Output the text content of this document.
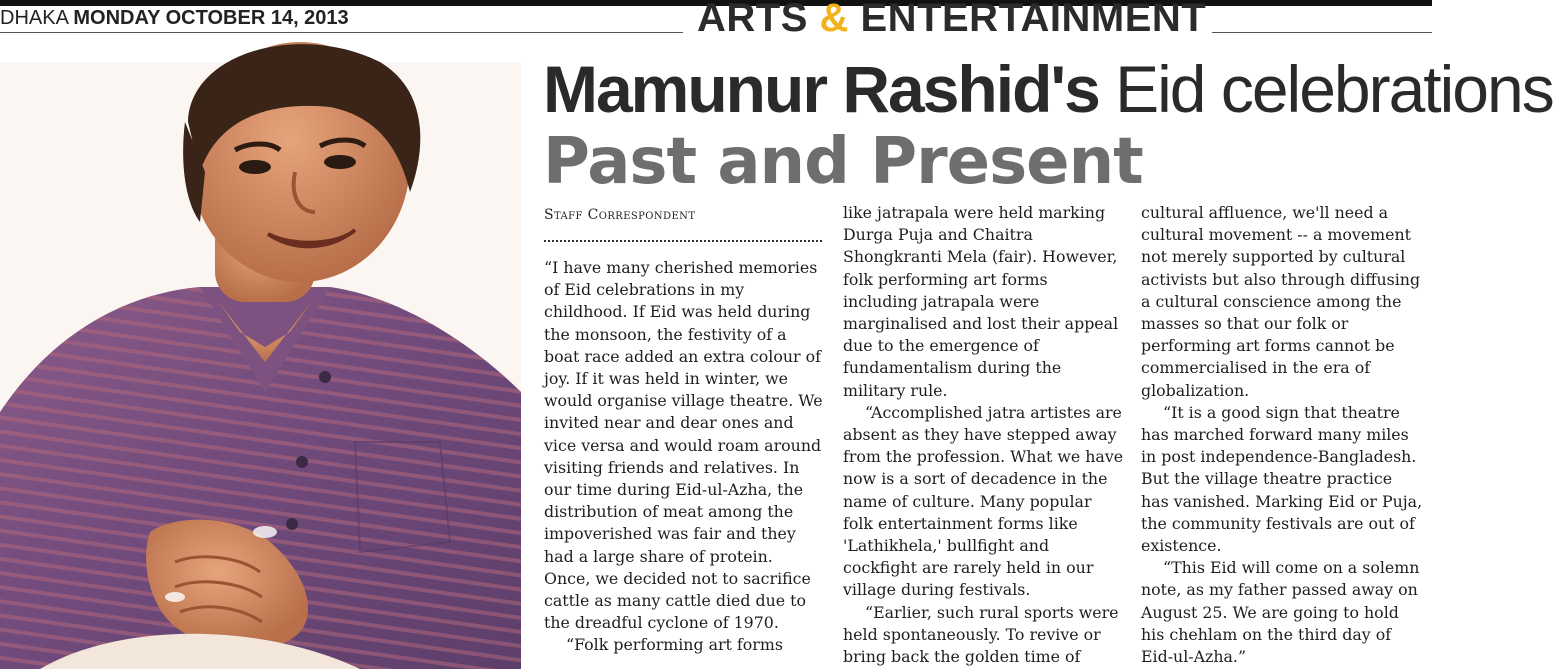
DHAKA MONDAY OCTOBER 14, 2013	ARTS & ENTERTAINMENT
Mamunur Rashid's Eid celebrations
Past and Present
Staff Correspondent

“I have many cherished memories of Eid celebrations in my childhood. If Eid was held during the monsoon, the festivity of a boat race added an extra colour of joy. If it was held in winter, we would organise village theatre. We invited near and dear ones and vice versa and would roam around visiting friends and relatives. In our time during Eid-ul-Azha, the distribution of meat among the impoverished was fair and they had a large share of protein. Once, we decided not to sacrifice cattle as many cattle died due to the dreadful cyclone of 1970.

“Folk performing art forms

like jatrapala were held marking Durga Puja and Chaitra Shongkranti Mela (fair). However, folk performing art forms including jatrapala were marginalised and lost their appeal due to the emergence of fundamentalism during the military rule.

“Accomplished jatra artistes are absent as they have stepped away from the profession. What we have now is a sort of decadence in the name of culture. Many popular folk entertainment forms like 'Lathikhela,' bullfight and cockfight are rarely held in our village during festivals.

“Earlier, such rural sports were held spontaneously. To revive or bring back the golden time of

cultural affluence, we'll need a cultural movement -- a movement not merely supported by cultural activists but also through diffusing a cultural conscience among the masses so that our folk or performing art forms cannot be commercialised in the era of globalization.

“It is a good sign that theatre has marched forward many miles in post independence-Bangladesh. But the village theatre practice has vanished. Marking Eid or Puja, the community festivals are out of existence.

“This Eid will come on a solemn note, as my father passed away on August 25. We are going to hold his chehlam on the third day of Eid-ul-Azha.”
